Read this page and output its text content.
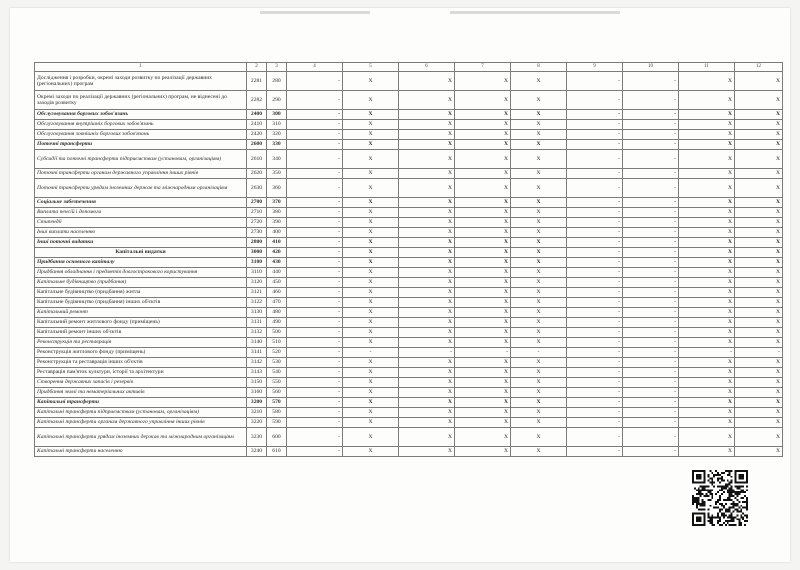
1	2	3	4	5	6	7	8	9	10	11	12
Дослідження і розробки, окремі заходи розвитку по реалізації державних (регіональних) програм	2281	280	-	X	X	X	X	-	-	X	X
Окремі заходи по реалізації державних (регіональних) програм, не віднесені до заходів розвитку	2282	290	-	X	X	X	X	-	-	X	X
Обслуговування боргових зобов'язань	2400	300	-	X	X	X	X	-	-	X	X
Обслуговування внутрішніх боргових зобов'язань	2410	310	-	X	X	X	X	-	-	X	X
Обслуговування зовнішніх боргових зобов'язань	2420	320	-	X	X	X	X	-	-	X	X
Поточні трансферти	2600	330	-	X	X	X	X	-	-	X	X
Субсидії та поточні трансферти підприємствам (установам, організаціям)	2610	340	-	X	X	X	X	-	-	X	X
Поточні трансферти органам державного управління інших рівнів	2620	350	-	X	X	X	X	-	-	X	X
Поточні трансферти урядам іноземних держав та міжнародним організаціям	2630	360	-	X	X	X	X	-	-	X	X
Соціальне забезпечення	2700	370	-	X	X	X	X	-	-	X	X
Виплата пенсій і допомоги	2710	380	-	X	X	X	X	-	-	X	X
Стипендії	2720	390	-	X	X	X	X	-	-	X	X
Інші виплати населенню	2730	400	-	X	X	X	X	-	-	X	X
Інші поточні видатки	2800	410	-	X	X	X	X	-	-	X	X
Капітальні видатки	3000	420	-	X	X	X	X	-	-	X	X
Придбання основного капіталу	3100	430	-	X	X	X	X	-	-	X	X
Придбання обладнання і предметів довгострокового користування	3110	440	-	X	X	X	X	-	-	X	X
Капітальне будівництво (придбання)	3120	450	-	X	X	X	X	-	-	X	X
Капітальне будівництво (придбання) житла	3121	460	-	X	X	X	X	-	-	X	X
Капітальне будівництво (придбання) інших об'єктів	3122	470	-	X	X	X	X	-	-	X	X
Капітальний ремонт	3130	480	-	X	X	X	X	-	-	X	X
Капітальний ремонт житлового фонду (приміщень)	3131	490	-	X	X	X	X	-	-	X	X
Капітальний ремонт інших об'єктів	3132	500	-	X	X	X	X	-	-	X	X
Реконструкція та реставрація	3140	510	-	X	X	X	X	-	-	X	X
Реконструкція житлового фонду (приміщень)	3141	520	-	-	-	-	-	-	-	-	-
Реконструкція та реставрація інших об'єктів	3142	530	-	X	X	X	X	-	-	X	X
Реставрація пам'яток культури, історії та архітектури	3143	540	-	X	X	X	X	-	-	X	X
Створення державних запасів і резервів	3150	550	-	X	X	X	X	-	-	X	X
Придбання землі та нематеріальних активів	3160	560	-	X	X	X	X	-	-	X	X
Капітальні трансферти	3200	570	-	X	X	X	X	-	-	X	X
Капітальні трансферти підприємствам (установам, організаціям)	3210	580	-	X	X	X	X	-	-	X	X
Капітальні трансферти органам державного управління інших рівнів	3220	590	-	X	X	X	X	-	-	X	X
Капітальні трансферти урядам іноземних держав та міжнародним організаціям	3230	600	-	X	X	X	X	-	-	X	X
Капітальні трансферти населенню	3240	610	-	X	X	X	X	-	-	X	X
